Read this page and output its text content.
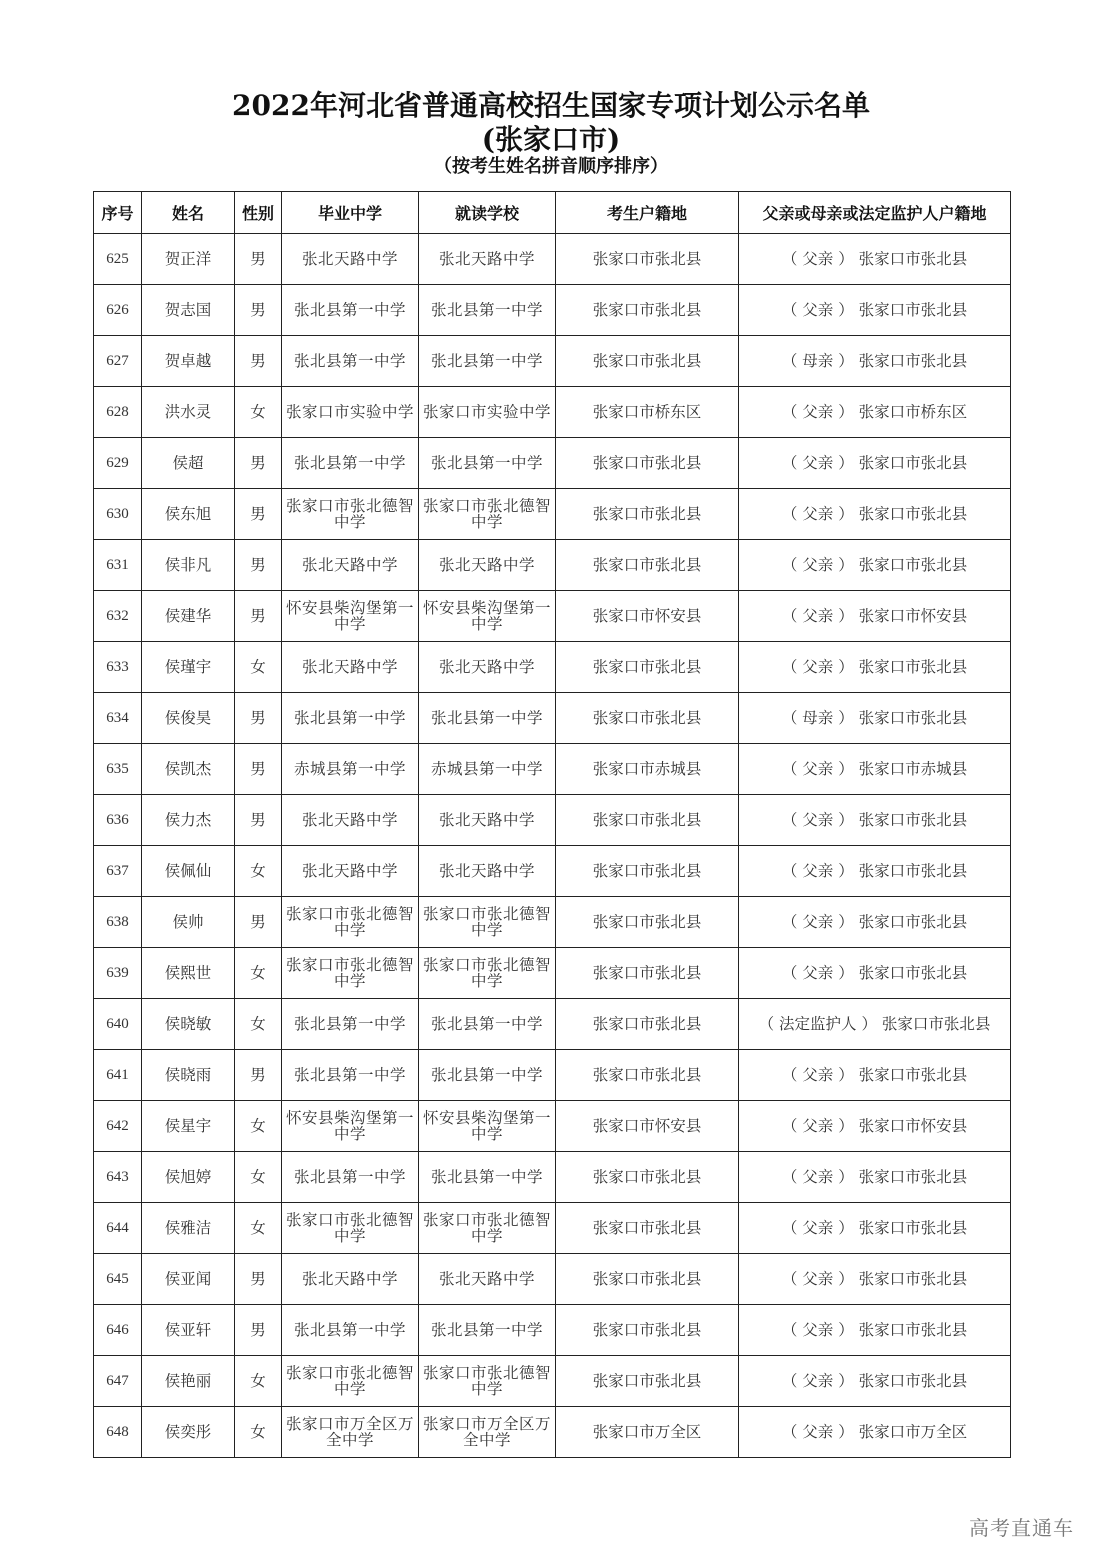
2022年河北省普通高校招生国家专项计划公示名单
(张家口市)
（按考生姓名拼音顺序排序）
序号	姓名	性别	毕业中学	就读学校	考生户籍地	父亲或母亲或法定监护人户籍地
625	贺正洋	男	张北天路中学	张北天路中学	张家口市张北县	（ 父亲 ） 张家口市张北县
626	贺志国	男	张北县第一中学	张北县第一中学	张家口市张北县	（ 父亲 ） 张家口市张北县
627	贺卓越	男	张北县第一中学	张北县第一中学	张家口市张北县	（ 母亲 ） 张家口市张北县
628	洪水灵	女	张家口市实验中学	张家口市实验中学	张家口市桥东区	（ 父亲 ） 张家口市桥东区
629	侯超	男	张北县第一中学	张北县第一中学	张家口市张北县	（ 父亲 ） 张家口市张北县
630	侯东旭	男	张家口市张北德智中学	张家口市张北德智中学	张家口市张北县	（ 父亲 ） 张家口市张北县
631	侯非凡	男	张北天路中学	张北天路中学	张家口市张北县	（ 父亲 ） 张家口市张北县
632	侯建华	男	怀安县柴沟堡第一中学	怀安县柴沟堡第一中学	张家口市怀安县	（ 父亲 ） 张家口市怀安县
633	侯瑾宇	女	张北天路中学	张北天路中学	张家口市张北县	（ 父亲 ） 张家口市张北县
634	侯俊昊	男	张北县第一中学	张北县第一中学	张家口市张北县	（ 母亲 ） 张家口市张北县
635	侯凯杰	男	赤城县第一中学	赤城县第一中学	张家口市赤城县	（ 父亲 ） 张家口市赤城县
636	侯力杰	男	张北天路中学	张北天路中学	张家口市张北县	（ 父亲 ） 张家口市张北县
637	侯佩仙	女	张北天路中学	张北天路中学	张家口市张北县	（ 父亲 ） 张家口市张北县
638	侯帅	男	张家口市张北德智中学	张家口市张北德智中学	张家口市张北县	（ 父亲 ） 张家口市张北县
639	侯熙世	女	张家口市张北德智中学	张家口市张北德智中学	张家口市张北县	（ 父亲 ） 张家口市张北县
640	侯晓敏	女	张北县第一中学	张北县第一中学	张家口市张北县	（ 法定监护人 ） 张家口市张北县
641	侯晓雨	男	张北县第一中学	张北县第一中学	张家口市张北县	（ 父亲 ） 张家口市张北县
642	侯星宇	女	怀安县柴沟堡第一中学	怀安县柴沟堡第一中学	张家口市怀安县	（ 父亲 ） 张家口市怀安县
643	侯旭婷	女	张北县第一中学	张北县第一中学	张家口市张北县	（ 父亲 ） 张家口市张北县
644	侯雅洁	女	张家口市张北德智中学	张家口市张北德智中学	张家口市张北县	（ 父亲 ） 张家口市张北县
645	侯亚闻	男	张北天路中学	张北天路中学	张家口市张北县	（ 父亲 ） 张家口市张北县
646	侯亚轩	男	张北县第一中学	张北县第一中学	张家口市张北县	（ 父亲 ） 张家口市张北县
647	侯艳丽	女	张家口市张北德智中学	张家口市张北德智中学	张家口市张北县	（ 父亲 ） 张家口市张北县
648	侯奕彤	女	张家口市万全区万全中学	张家口市万全区万全中学	张家口市万全区	（ 父亲 ） 张家口市万全区
高考直通车
